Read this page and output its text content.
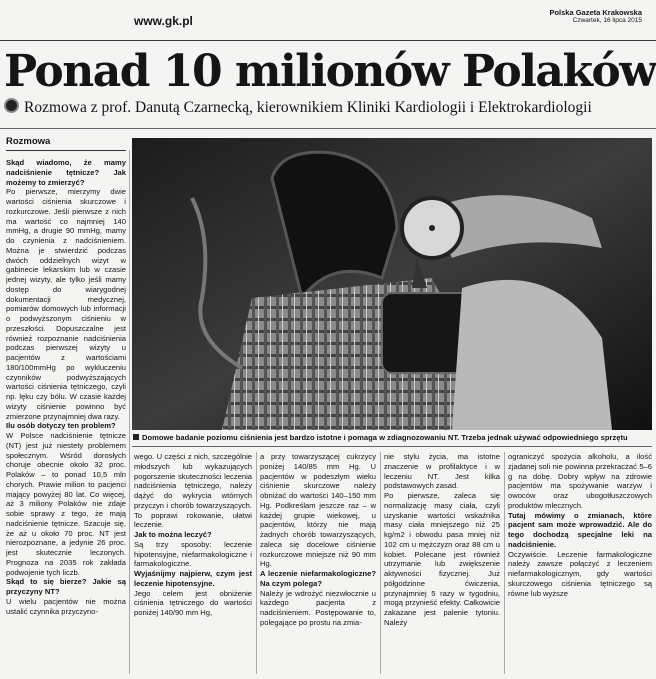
www.gk.pl
Polska Gazeta Krakowska
Czwartek, 16 lipca 2015
Ponad 10 milionów Polaków
Rozmowa z prof. Danutą Czarnecką, kierownikiem Kliniki Kardiologii i Elektrokardiologii
Rozmowa

Skąd wiadomo, że mamy nadciśnienie tętnicze? Jak możemy to zmierzyć?

Po pierwsze, mierzymy dwie wartości ciśnienia skurczowe i rozkurczowe. Jeśli pierwsze z nich ma wartość co najmniej 140 mmHg, a drugie 90 mmHg, mamy do czynienia z nadciśnieniem. Można je stwierdzić podczas dwóch oddzielnych wizyt w gabinecie lekarskim lub w czasie jednej wizyty, ale tylko jeśli mamy dostęp do wiarygodnej dokumentacji medycznej, pomiarów domowych lub informacji o podwyższonym ciśnieniu w przeszłości. Dopuszczalne jest również rozpoznanie nadciśnienia podczas pierwszej wizyty u pacjentów z wartościami 180/100mmHg po wykluczeniu czynników podwyższających wartości ciśnienia tętniczego, czyli np. lęku czy bólu. W czasie każdej wizyty ciśnienie powinno być zmierzone przynajmniej dwa razy.

Ilu osób dotyczy ten problem?

W Polsce nadciśnienie tętnicze (NT) jest już niestety problemem społecznym. Wśród dorosłych choruje obecnie około 32 proc. Polaków – to ponad 10,5 mln chorych. Prawie milion to pacjenci mający powyżej 80 lat. Co więcej, aż 3 miliony Polaków nie zdaje sobie sprawy z tego, że mają nadciśnienie tętnicze. Szacuje się, że aż u około 70 proc. NT jest nierozpoznane, a jedynie 26 proc. jest skutecznie leczonych. Prognoza na 2035 rok zakłada podwojenie tych liczb.

Skąd to się bierze? Jakie są przyczyny NT?

U wielu pacjentów nie można ustalić czynnika przyczyno-

Domowe badanie poziomu ciśnienia jest bardzo istotne i pomaga w zdiagnozowaniu NT. Trzeba jednak używać odpowiedniego sprzętu

wego. U części z nich, szczególnie młodszych lub wykazujących pogorszenie skuteczności leczenia nadciśnienia tętniczego, należy dążyć do wykrycia wtórnych przyczyn i chorób towarzyszących. To poprawi rokowanie, ułatwi leczenie.

Jak to można leczyć?

Są trzy sposoby: leczenie hipotensyjne, niefarmakologiczne i farmakologiczne.

Wyjaśnijmy najpierw, czym jest leczenie hipotensyjne.

Jego celem jest obniżenie ciśnienia tętniczego do wartości poniżej 140/90 mm Hg,

a przy towarzyszącej cukrzycy poniżej 140/85 mm Hg. U pacjentów w podeszłym wieku ciśnienie skurczowe należy obniżać do wartości 140–150 mm Hg. Podkreślam jeszcze raz – w każdej grupie wiekowej, u pacjentów, którzy nie mają żadnych chorób towarzyszących, zaleca się docelowe ciśnienie rozkurczowe mniejsze niż 90 mm Hg.

A leczenie niefarmakologiczne? Na czym polega?

Należy je wdrożyć niezwłocznie u każdego pacjenta z nadciśnieniem. Postępowanie to, polegające po prostu na zmia-

nie stylu życia, ma istotne znaczenie w profilaktyce i w leczeniu NT. Jest kilka podstawowych zasad.

Po pierwsze, zaleca się normalizację masy ciała, czyli uzyskanie wartości wskaźnika masy ciała mniejszego niż 25 kg/m2 i obwodu pasa mniej niż 102 cm u mężczyzn oraz 88 cm u kobiet. Polecane jest również utrzymanie lub zwiększenie aktywności fizycznej. Już półgodzinne ćwiczenia, przynajmniej 5 razy w tygodniu, mogą przynieść efekty. Całkowicie zakazane jest palenie tytoniu. Należy

ograniczyć spożycia alkoholu, a ilość zjadanej soli nie powinna przekraczać 5–6 g na dobę. Dobry wpływ na zdrowie pacjentów ma spożywanie warzyw i owoców oraz ubogotłuszczowych produktów mlecznych.

Tutaj mówimy o zmianach, które pacjent sam może wprowadzić. Ale do tego dochodzą specjalne leki na nadciśnienie.

Oczywiście. Leczenie farmakologiczne należy zawsze połączyć z leczeniem niefarmakologicznym, gdy wartości skurczowego ciśnienia tętniczego są równe lub wyższe
